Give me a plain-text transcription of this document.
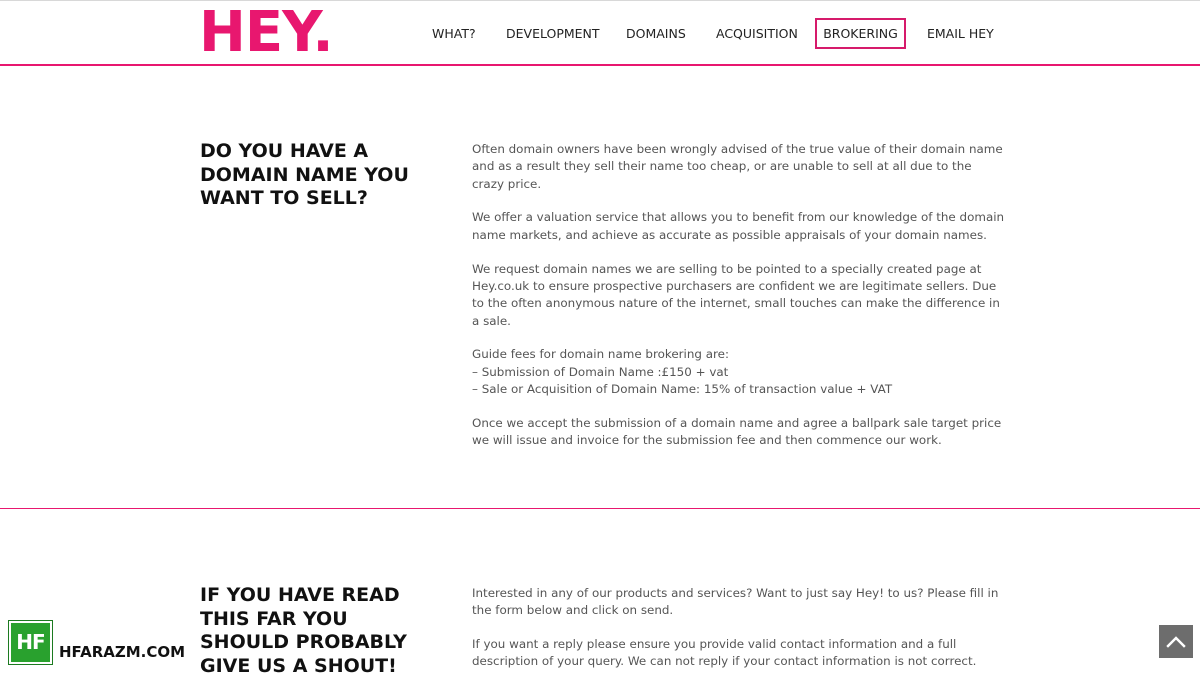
HEY.	WHAT? DEVELOPMENT DOMAINS ACQUISITION	BROKERING	EMAIL HEY
DO YOU HAVE A DOMAIN NAME YOU WANT TO SELL?

Often domain owners have been wrongly advised of the true value of their domain name and as a result they sell their name too cheap, or are unable to sell at all due to the crazy price.

We offer a valuation service that allows you to benefit from our knowledge of the domain name markets, and achieve as accurate as possible appraisals of your domain names.

We request domain names we are selling to be pointed to a specially created page at Hey.co.uk to ensure prospective purchasers are confident we are legitimate sellers. Due to the often anonymous nature of the internet, small touches can make the difference in a sale.

Guide fees for domain name brokering are:
– Submission of Domain Name :£150 + vat
– Sale or Acquisition of Domain Name: 15% of transaction value + VAT

Once we accept the submission of a domain name and agree a ballpark sale target price we will issue and invoice for the submission fee and then commence our work.

IF YOU HAVE READ THIS FAR YOU SHOULD PROBABLY GIVE US A SHOUT!

Interested in any of our products and services? Want to just say Hey! to us? Please fill in the form below and click on send.

If you want a reply please ensure you provide valid contact information and a full description of your query. We can not reply if your contact information is not correct.

HF HFARAZM.COM
